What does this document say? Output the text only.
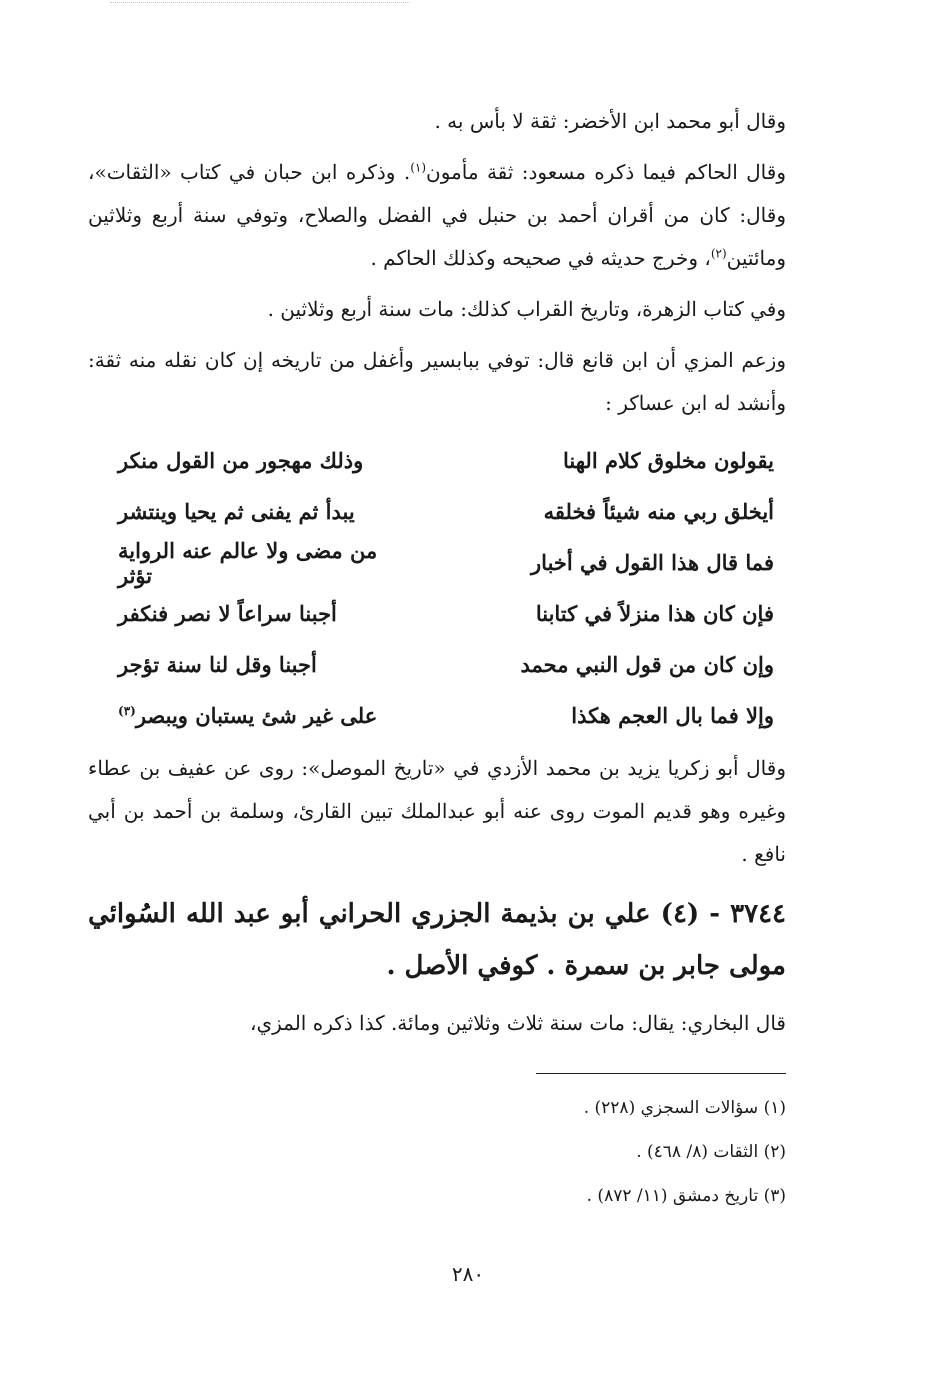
وقال أبو محمد ابن الأخضر: ثقة لا بأس به .

وقال الحاكم فيما ذكره مسعود: ثقة مأمون$^{(١)}$. وذكره ابن حبان في كتاب «الثقات»، وقال: كان من أقران أحمد بن حنبل في الفضل والصلاح، وتوفي سنة أربع وثلاثين ومائتين$^{(٢)}$، وخرج حديثه في صحيحه وكذلك الحاكم .

وفي كتاب الزهرة، وتاريخ القراب كذلك: مات سنة أربع وثلاثين .

وزعم المزي أن ابن قانع قال: توفي ببابسير وأغفل من تاريخه إن كان نقله منه ثقة: وأنشد له ابن عساكر :

يقولون مخلوق كلام الهنا
وذلك مهجور من القول منكر
أيخلق ربي منه شيئاً فخلقه
يبدأ ثم يفنى ثم يحيا وينتشر
فما قال هذا القول في أخبار
من مضى ولا عالم عنه الرواية تؤثر
فإن كان هذا منزلاً في كتابنا
أجبنا سراعاً لا نصر فنكفر
وإن كان من قول النبي محمد
أجبنا وقل لنا سنة تؤجر
وإلا فما بال العجم هكذا
على غير شئ يستبان ويبصر$^{(٣)}$

وقال أبو زكريا يزيد بن محمد الأزدي في «تاريخ الموصل»: روى عن عفيف بن عطاء وغيره وهو قديم الموت روى عنه أبو عبدالملك تبين القارئ، وسلمة بن أحمد بن أبي نافع .

٣٧٤٤ - (٤) علي بن بذيمة الجزري الحراني أبو عبد الله السُوائي مولى جابر بن سمرة . كوفي الأصل .

قال البخاري: يقال: مات سنة ثلاث وثلاثين ومائة. كذا ذكره المزي،

(١) سؤالات السجزي (٢٢٨) .
(٢) الثقات (٨/ ٤٦٨) .
(٣) تاريخ دمشق (١١/ ٨٧٢) .
٢٨٠
